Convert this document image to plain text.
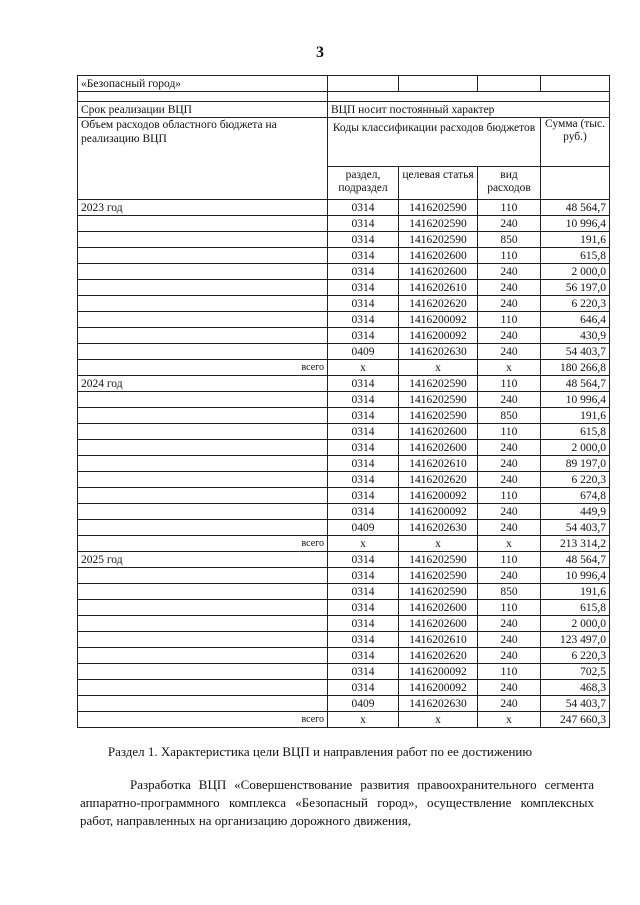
3
«Безопасный город»				

Срок реализации ВЦП	ВЦП носит постоянный характер			
Объем расходов областного бюджета на реализацию ВЦП	Коды классификации расходов бюджетов			Сумма (тыс. руб.)
	раздел, подраздел	целевая статья	вид расходов	
2023 год	0314	1416202590	110	48 564,7
	0314	1416202590	240	10 996,4
	0314	1416202590	850	191,6
	0314	1416202600	110	615,8
	0314	1416202600	240	2 000,0
	0314	1416202610	240	56 197,0
	0314	1416202620	240	6 220,3
	0314	1416200092	110	646,4
	0314	1416200092	240	430,9
	0409	1416202630	240	54 403,7
всего	х	х	х	180 266,8
2024 год	0314	1416202590	110	48 564,7
	0314	1416202590	240	10 996,4
	0314	1416202590	850	191,6
	0314	1416202600	110	615,8
	0314	1416202600	240	2 000,0
	0314	1416202610	240	89 197,0
	0314	1416202620	240	6 220,3
	0314	1416200092	110	674,8
	0314	1416200092	240	449,9
	0409	1416202630	240	54 403,7
всего	х	х	х	213 314,2
2025 год	0314	1416202590	110	48 564,7
	0314	1416202590	240	10 996,4
	0314	1416202590	850	191,6
	0314	1416202600	110	615,8
	0314	1416202600	240	2 000,0
	0314	1416202610	240	123 497,0
	0314	1416202620	240	6 220,3
	0314	1416200092	110	702,5
	0314	1416200092	240	468,3
	0409	1416202630	240	54 403,7
всего	х	х	х	247 660,3
Раздел 1. Характеристика цели ВЦП и направления работ по ее достижению

Разработка ВЦП «Совершенствование развития правоохранительного сегмента аппаратно-программного комплекса «Безопасный город», осуществление комплексных работ, направленных на организацию дорожного движения,
